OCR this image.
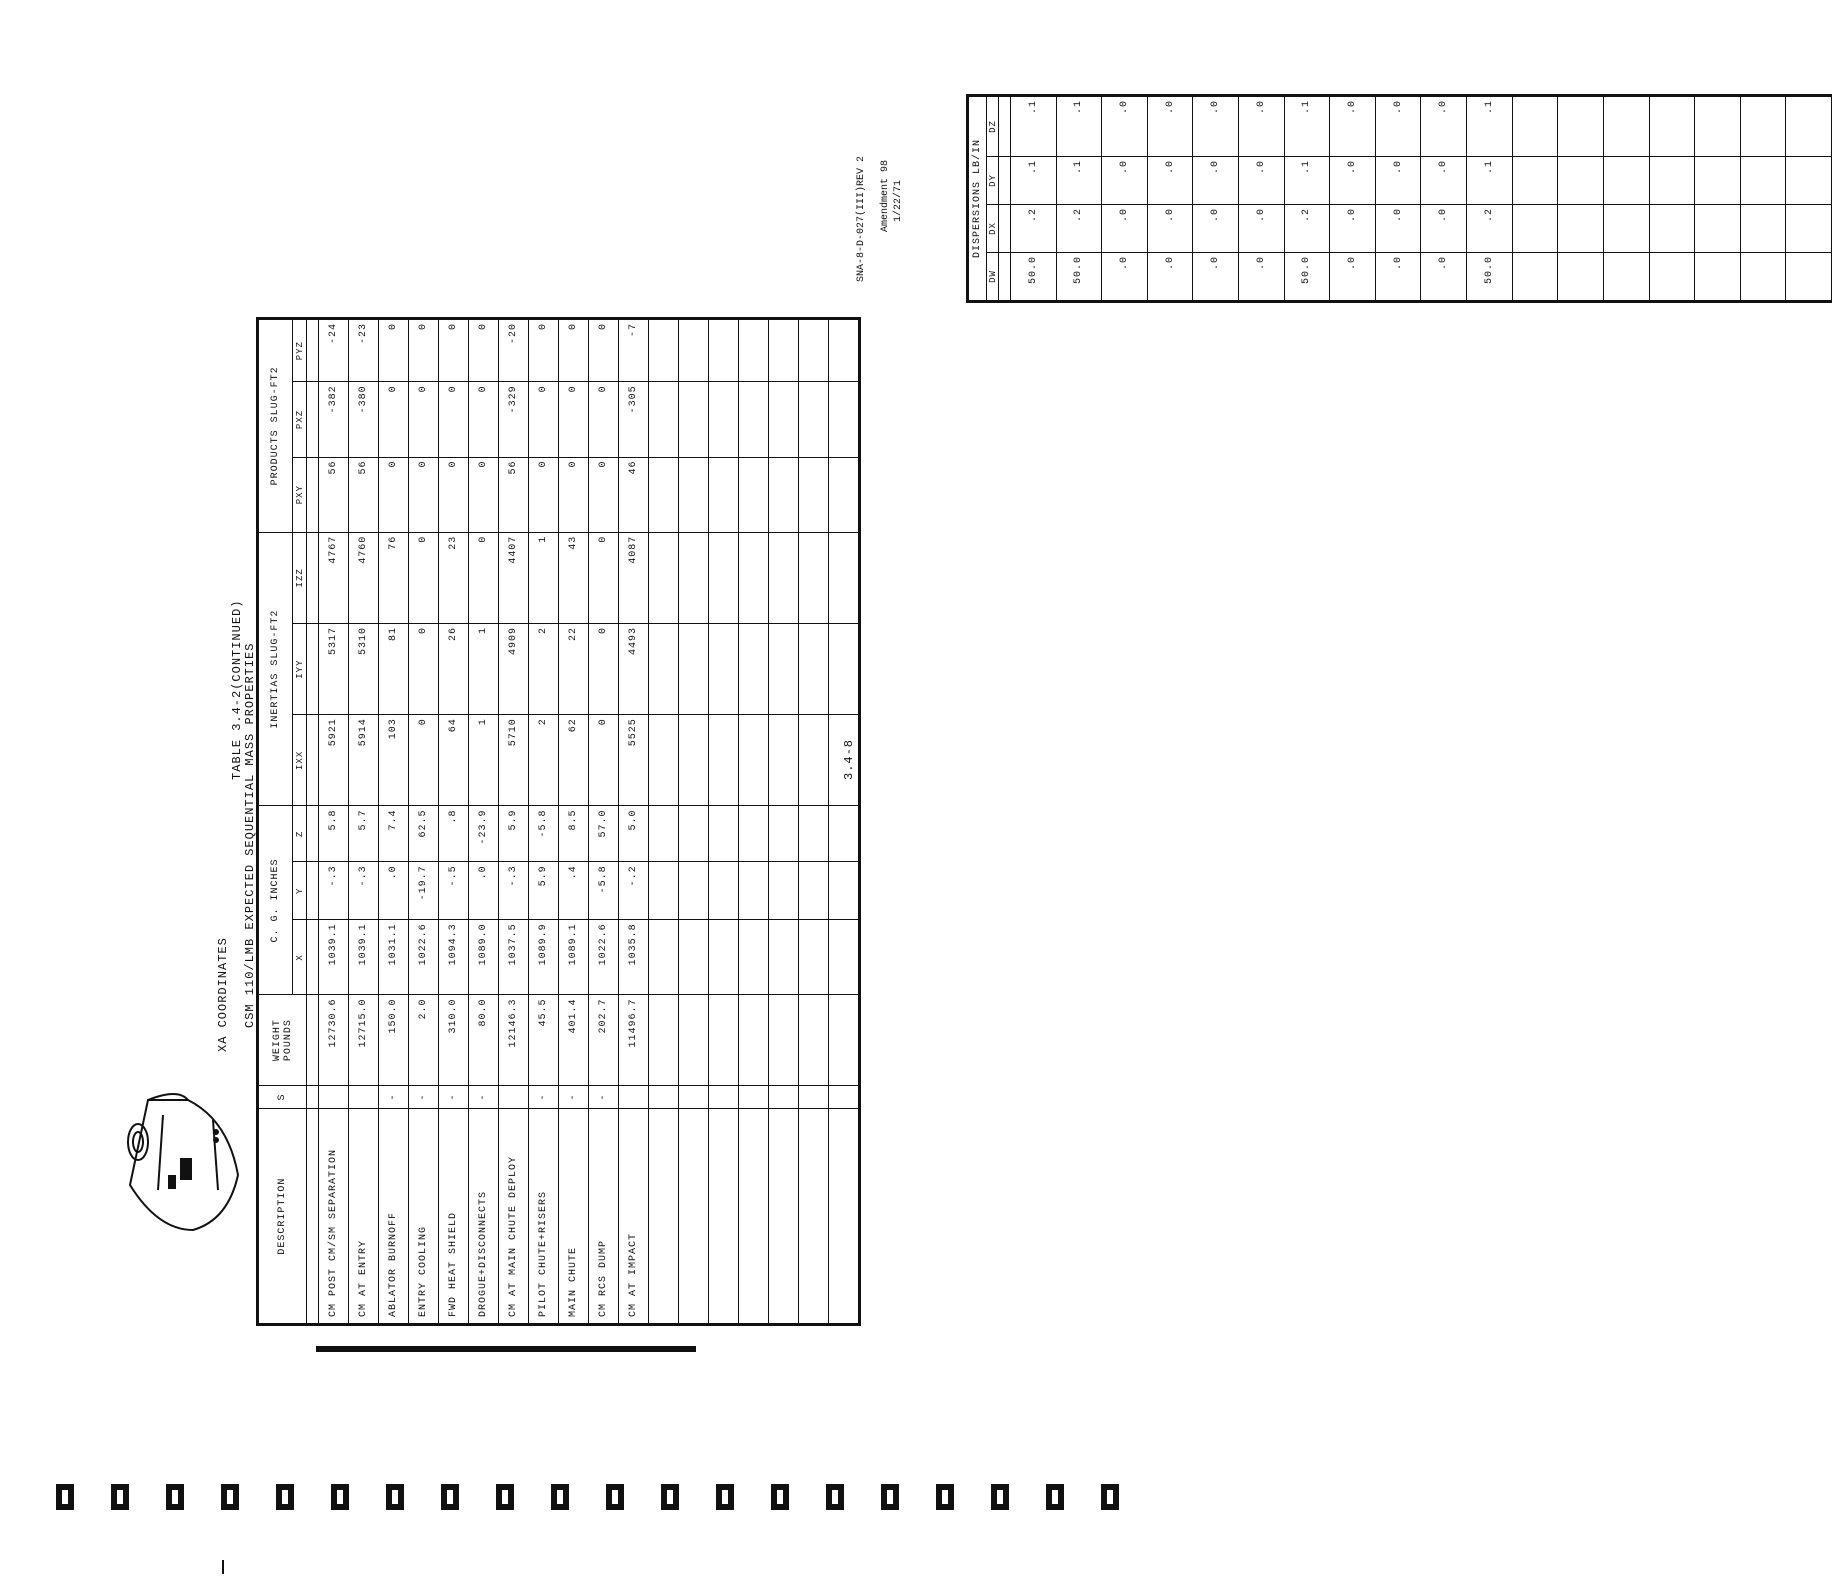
XA COORDINATES
TABLE 3.4-2(CONTINUED) CSM 110/LMB EXPECTED SEQUENTIAL MASS PROPERTIES	3.4-8
Amendment 98 1/22/71
SNA-8-D-027(III)REV 2
DESCRIPTION	S	WEIGHT POUNDS	C. G. INCHES			INERTIAS SLUG-FT2			PRODUCTS SLUG-FT2		
			X	Y	Z	IXX	IYY	IZZ	PXY	PXZ	PYZ

CM POST CM/SM SEPARATION		12730.6	1039.1	-.3	5.8	5921	5317	4767	56	-382	-24
CM AT ENTRY		12715.0	1039.1	-.3	5.7	5914	5310	4760	56	-380	-23
ABLATOR BURNOFF	-	150.0	1031.1	.0	7.4	103	81	76	0	0	0
ENTRY COOLING	-	2.0	1022.6	-19.7	62.5	0	0	0	0	0	0
FWD HEAT SHIELD	-	310.0	1094.3	-.5	.8	64	26	23	0	0	0
DROGUE+DISCONNECTS	-	80.0	1089.0	.0	-23.9	1	1	0	0	0	0
CM AT MAIN CHUTE DEPLOY		12146.3	1037.5	-.3	5.9	5710	4909	4407	56	-329	-20
PILOT CHUTE+RISERS	-	45.5	1089.9	5.9	-5.8	2	2	1	0	0	0
MAIN CHUTE	-	401.4	1089.1	.4	8.5	62	22	43	0	0	0
CM RCS DUMP	-	202.7	1022.6	-5.8	57.0	0	0	0	0	0	0
CM AT IMPACT		11496.7	1035.8	-.2	5.0	5525	4493	4087	46	-305	-7

DISPERSIONS LB/IN			
DW	DX	DY	DZ

50.0	.2	.1	.1
50.0	.2	.1	.1
.0	.0	.0	.0
.0	.0	.0	.0
.0	.0	.0	.0
.0	.0	.0	.0
50.0	.2	.1	.1
.0	.0	.0	.0
.0	.0	.0	.0
.0	.0	.0	.0
50.0	.2	.1	.1
